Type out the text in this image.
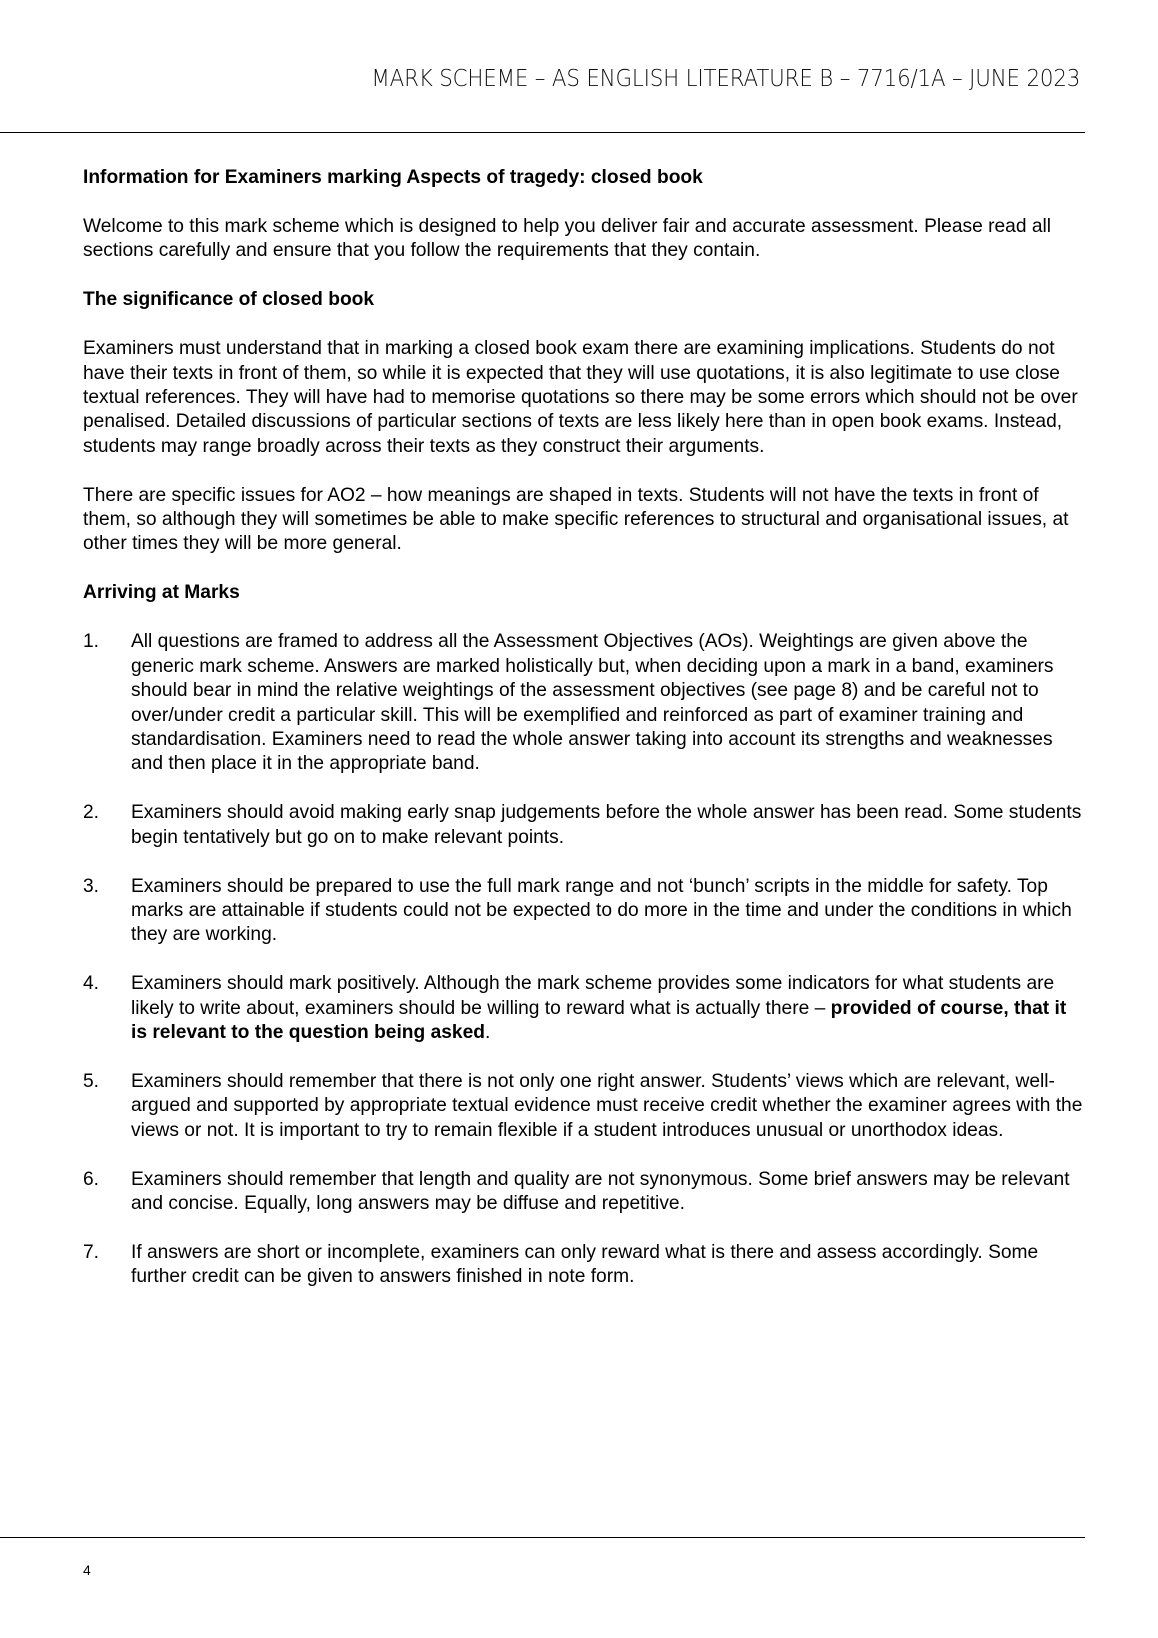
MARK SCHEME – AS ENGLISH LITERATURE B – 7716/1A – JUNE 2023
Information for Examiners marking Aspects of tragedy: closed book

Welcome to this mark scheme which is designed to help you deliver fair and accurate assessment. Please read all sections carefully and ensure that you follow the requirements that they contain.

The significance of closed book

Examiners must understand that in marking a closed book exam there are examining implications. Students do not have their texts in front of them, so while it is expected that they will use quotations, it is also legitimate to use close textual references. They will have had to memorise quotations so there may be some errors which should not be over penalised. Detailed discussions of particular sections of texts are less likely here than in open book exams. Instead, students may range broadly across their texts as they construct their arguments.

There are specific issues for AO2 – how meanings are shaped in texts. Students will not have the texts in front of them, so although they will sometimes be able to make specific references to structural and organisational issues, at other times they will be more general.

Arriving at Marks
1. All questions are framed to address all the Assessment Objectives (AOs). Weightings are given above the generic mark scheme. Answers are marked holistically but, when deciding upon a mark in a band, examiners should bear in mind the relative weightings of the assessment objectives (see page 8) and be careful not to over/under credit a particular skill. This will be exemplified and reinforced as part of examiner training and standardisation. Examiners need to read the whole answer taking into account its strengths and weaknesses and then place it in the appropriate band.
2. Examiners should avoid making early snap judgements before the whole answer has been read. Some students begin tentatively but go on to make relevant points.
3. Examiners should be prepared to use the full mark range and not ‘bunch’ scripts in the middle for safety. Top marks are attainable if students could not be expected to do more in the time and under the conditions in which they are working.
4. Examiners should mark positively. Although the mark scheme provides some indicators for what students are likely to write about, examiners should be willing to reward what is actually there – provided of course, that it is relevant to the question being asked.
5. Examiners should remember that there is not only one right answer. Students’ views which are relevant, well-argued and supported by appropriate textual evidence must receive credit whether the examiner agrees with the views or not. It is important to try to remain flexible if a student introduces unusual or unorthodox ideas.
6. Examiners should remember that length and quality are not synonymous. Some brief answers may be relevant and concise. Equally, long answers may be diffuse and repetitive.
7. If answers are short or incomplete, examiners can only reward what is there and assess accordingly. Some further credit can be given to answers finished in note form.
4
